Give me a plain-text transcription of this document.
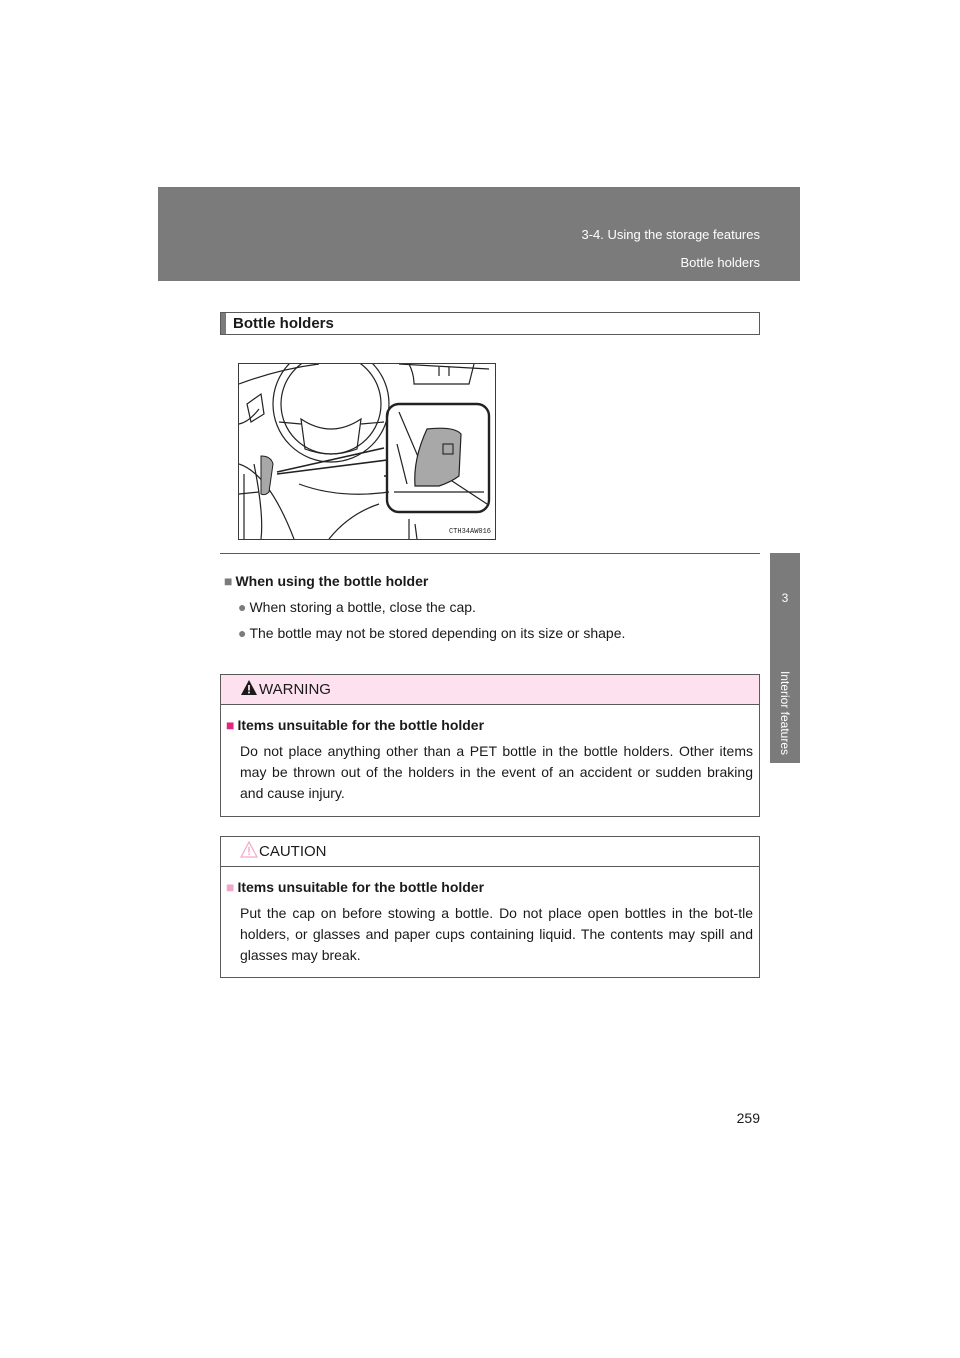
3-4. Using the storage features
Bottle holders
3
Interior features
Bottle holders
CTH34AW016

■ When using the bottle holder

● When storing a bottle, close the cap.

● The bottle may not be stored depending on its size or shape.

WARNING

■ Items unsuitable for the bottle holder

Do not place anything other than a PET bottle in the bottle holders. Other items may be thrown out of the holders in the event of an accident or sudden braking and cause injury.

CAUTION

■ Items unsuitable for the bottle holder

Put the cap on before stowing a bottle. Do not place open bottles in the bot-tle holders, or glasses and paper cups containing liquid. The contents may spill and glasses may break.

259
